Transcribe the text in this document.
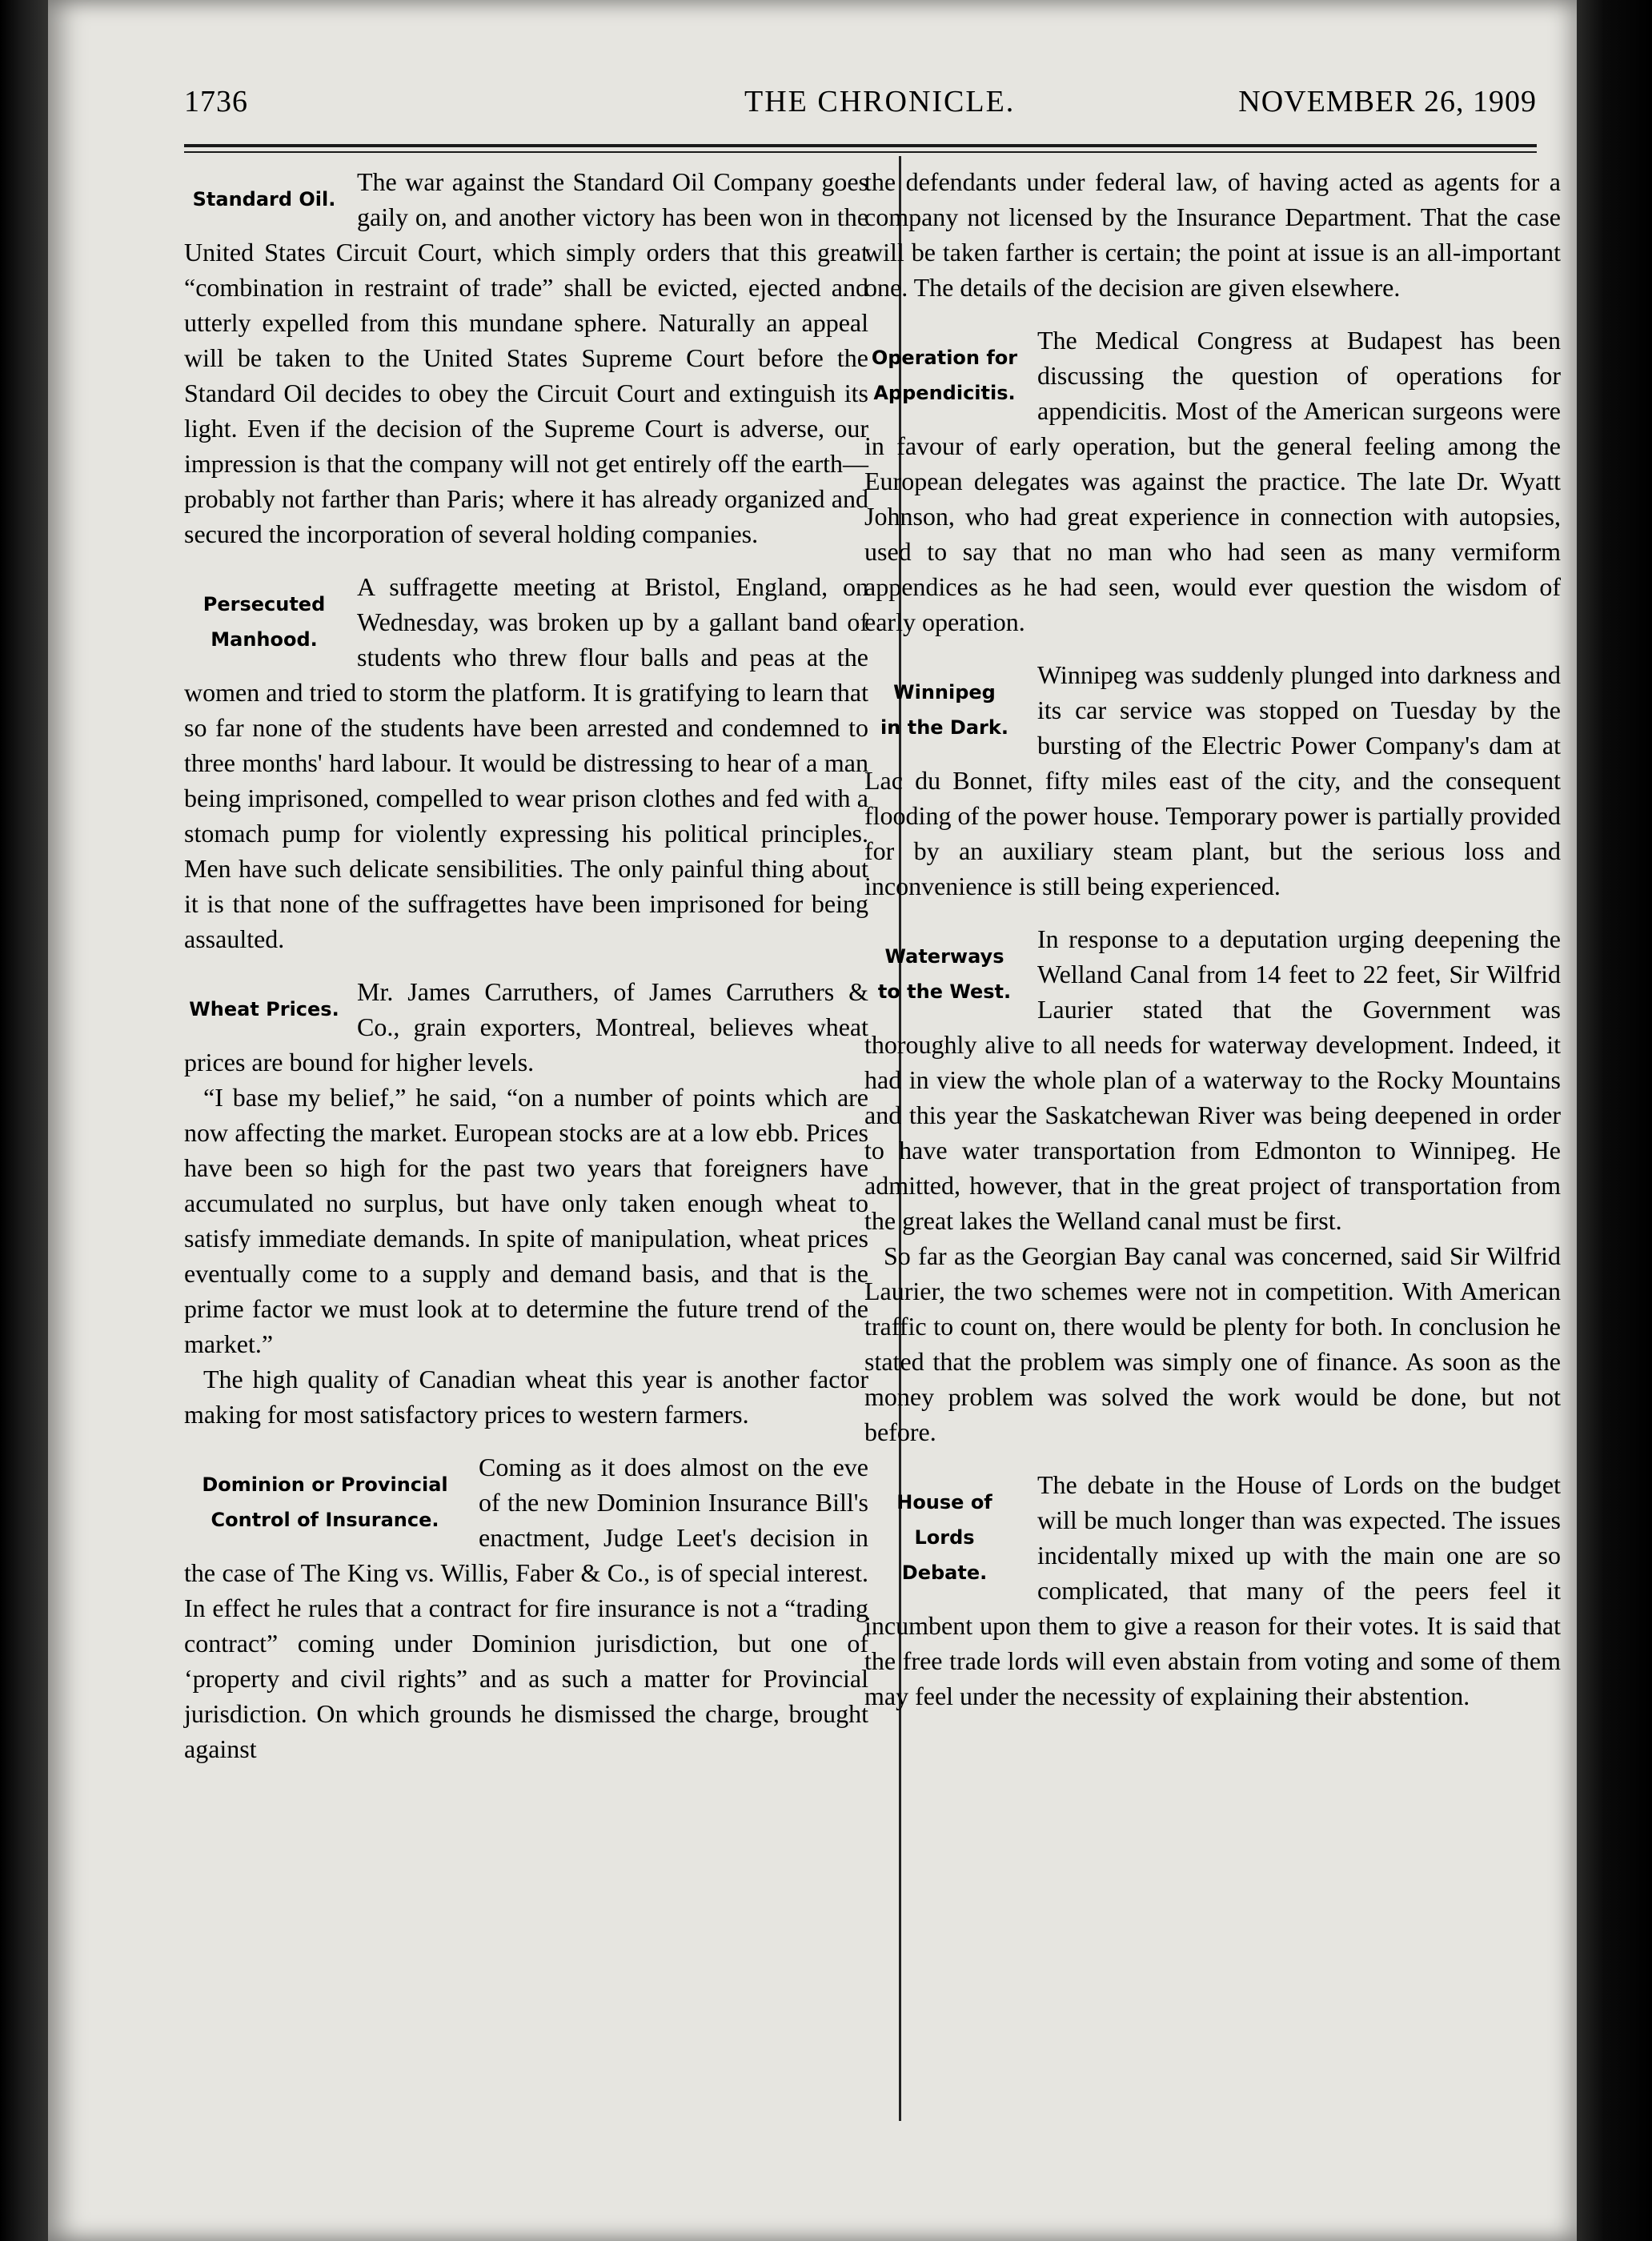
1736	THE CHRONICLE.	NOVEMBER 26, 1909
Standard Oil.

The war against the Standard Oil Company goes gaily on, and another victory has been won in the United States Circuit Court, which simply orders that this great “combination in restraint of trade” shall be evicted, ejected and utterly expelled from this mundane sphere. Naturally an appeal will be taken to the United States Supreme Court before the Standard Oil decides to obey the Circuit Court and extinguish its light. Even if the decision of the Supreme Court is adverse, our impression is that the company will not get entirely off the earth—probably not farther than Paris; where it has already organized and secured the incorporation of several holding companies.

Persecuted
Manhood.

A suffragette meeting at Bristol, England, on Wednesday, was broken up by a gallant band of students who threw flour balls and peas at the women and tried to storm the platform. It is gratifying to learn that so far none of the students have been arrested and condemned to three months' hard labour. It would be distressing to hear of a man being imprisoned, compelled to wear prison clothes and fed with a stomach pump for violently expressing his political principles. Men have such delicate sensibilities. The only painful thing about it is that none of the suffragettes have been imprisoned for being assaulted.

Wheat Prices.

Mr. James Carruthers, of James Carruthers & Co., grain exporters, Montreal, believes wheat prices are bound for higher levels.

“I base my belief,” he said, “on a number of points which are now affecting the market. European stocks are at a low ebb. Prices have been so high for the past two years that foreigners have accumulated no surplus, but have only taken enough wheat to satisfy immediate demands. In spite of manipulation, wheat prices eventually come to a supply and demand basis, and that is the prime factor we must look at to determine the future trend of the market.”

The high quality of Canadian wheat this year is another factor making for most satisfactory prices to western farmers.

Dominion or Provincial
Control of Insurance.

Coming as it does almost on the eve of the new Dominion Insurance Bill's enactment, Judge Leet's decision in the case of The King vs. Willis, Faber & Co., is of special interest. In effect he rules that a contract for fire insurance is not a “trading contract” coming under Dominion jurisdiction, but one of ‘property and civil rights” and as such a matter for Provincial jurisdiction. On which grounds he dismissed the charge, brought against

the defendants under federal law, of having acted as agents for a company not licensed by the Insurance Department. That the case will be taken farther is certain; the point at issue is an all-important one. The details of the decision are given elsewhere.

Operation for
Appendicitis.

The Medical Congress at Budapest has been discussing the question of operations for appendicitis. Most of the American surgeons were in favour of early operation, but the general feeling among the European delegates was against the practice. The late Dr. Wyatt Johnson, who had great experience in connection with autopsies, used to say that no man who had seen as many vermiform appendices as he had seen, would ever question the wisdom of early operation.

Winnipeg
in the Dark.

Winnipeg was suddenly plunged into darkness and its car service was stopped on Tuesday by the bursting of the Electric Power Company's dam at Lac du Bonnet, fifty miles east of the city, and the consequent flooding of the power house. Temporary power is partially provided for by an auxiliary steam plant, but the serious loss and inconvenience is still being experienced.

Waterways
to the West.

In response to a deputation urging deepening the Welland Canal from 14 feet to 22 feet, Sir Wilfrid Laurier stated that the Government was thoroughly alive to all needs for waterway development. Indeed, it had in view the whole plan of a waterway to the Rocky Mountains and this year the Saskatchewan River was being deepened in order to have water transportation from Edmonton to Winnipeg. He admitted, however, that in the great project of transportation from the great lakes the Welland canal must be first.

So far as the Georgian Bay canal was concerned, said Sir Wilfrid Laurier, the two schemes were not in competition. With American traffic to count on, there would be plenty for both. In conclusion he stated that the problem was simply one of finance. As soon as the money problem was solved the work would be done, but not before.

House of Lords
Debate.

The debate in the House of Lords on the budget will be much longer than was expected. The issues incidentally mixed up with the main one are so complicated, that many of the peers feel it incumbent upon them to give a reason for their votes. It is said that the free trade lords will even abstain from voting and some of them may feel under the necessity of explaining their abstention.
